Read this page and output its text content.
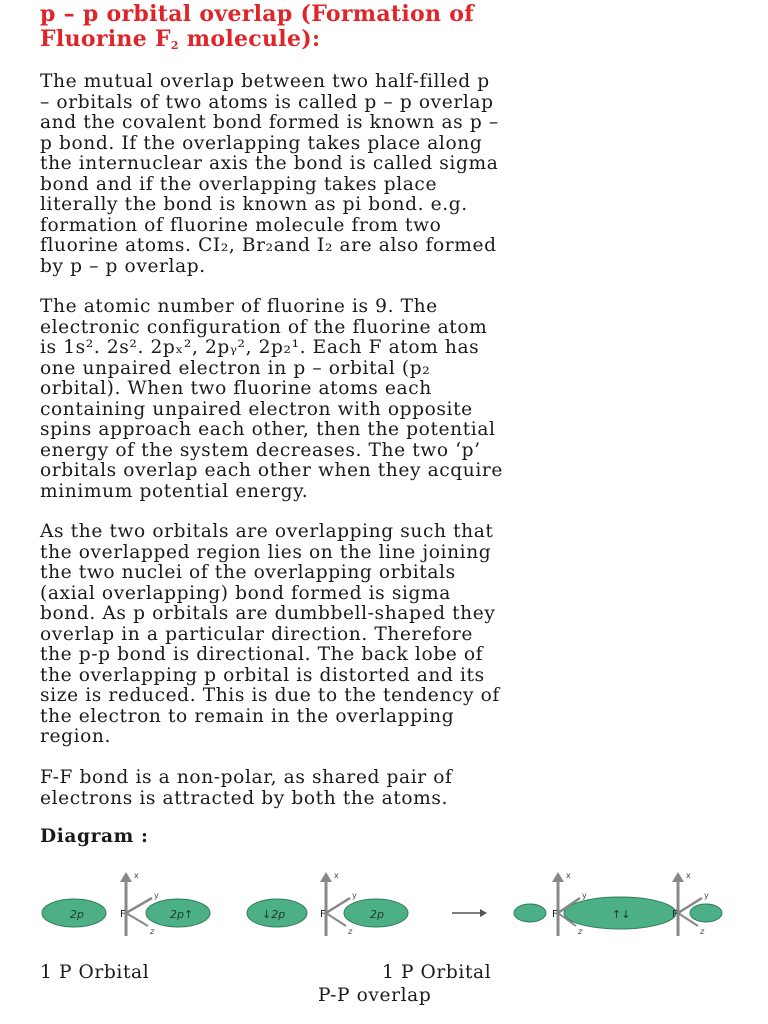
p – p orbital overlap (Formation of
Fluorine $F_2$ molecule):
The mutual overlap between two half-filled p
– orbitals of two atoms is called p – p overlap
and the covalent bond formed is known as p –
p bond. If the overlapping takes place along
the internuclear axis the bond is called sigma
bond and if the overlapping takes place
literally the bond is known as pi bond. e.g.
formation of fluorine molecule from two
fluorine atoms. CI₂, Br₂and I₂ are also formed
by p – p overlap.
The atomic number of fluorine is 9. The
electronic configuration of the fluorine atom
is 1s². 2s². 2pₓ², 2pᵧ², 2p₂¹. Each F atom has
one unpaired electron in p – orbital (p₂
orbital). When two fluorine atoms each
containing unpaired electron with opposite
spins approach each other, then the potential
energy of the system decreases. The two ‘p’
orbitals overlap each other when they acquire
minimum potential energy.
As the two orbitals are overlapping such that
the overlapped region lies on the line joining
the two nuclei of the overlapping orbitals
(axial overlapping) bond formed is sigma
bond. As p orbitals are dumbbell-shaped they
overlap in a particular direction. Therefore
the p-p bond is directional. The back lobe of
the overlapping p orbital is distorted and its
size is reduced. This is due to the tendency of
the electron to remain in the overlapping
region.
F-F bond is a non-polar, as shared pair of
electrons is attracted by both the atoms.
Diagram :
2p	2p↑
F
x
y
z
↓2p	2p
F
x
y
z
↑↓
F	F
x	x
y	y
z	z
1 P Orbital	1 P Orbital
P-P overlap
